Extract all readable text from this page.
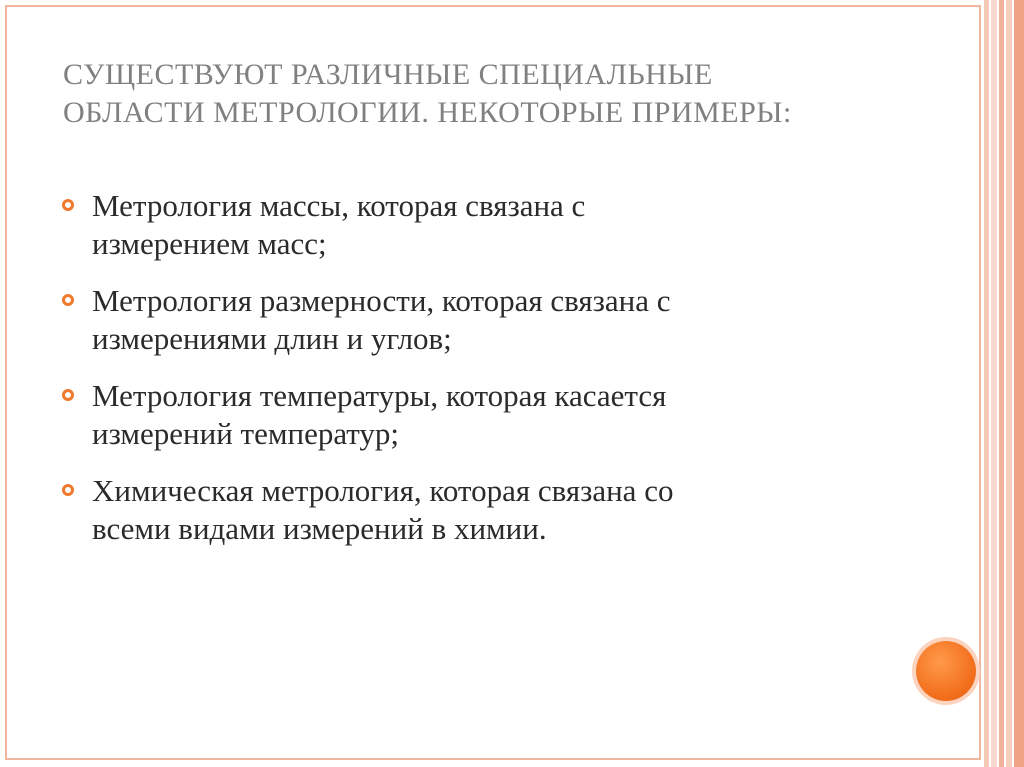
СУЩЕСТВУЮТ РАЗЛИЧНЫЕ СПЕЦИАЛЬНЫЕ
ОБЛАСТИ МЕТРОЛОГИИ. НЕКОТОРЫЕ ПРИМЕРЫ:
Метрология массы, которая связана с
измерением масс;
Метрология размерности, которая связана с
измерениями длин и углов;
Метрология температуры, которая касается
измерений температур;
Химическая метрология, которая связана со
всеми видами измерений в химии.
